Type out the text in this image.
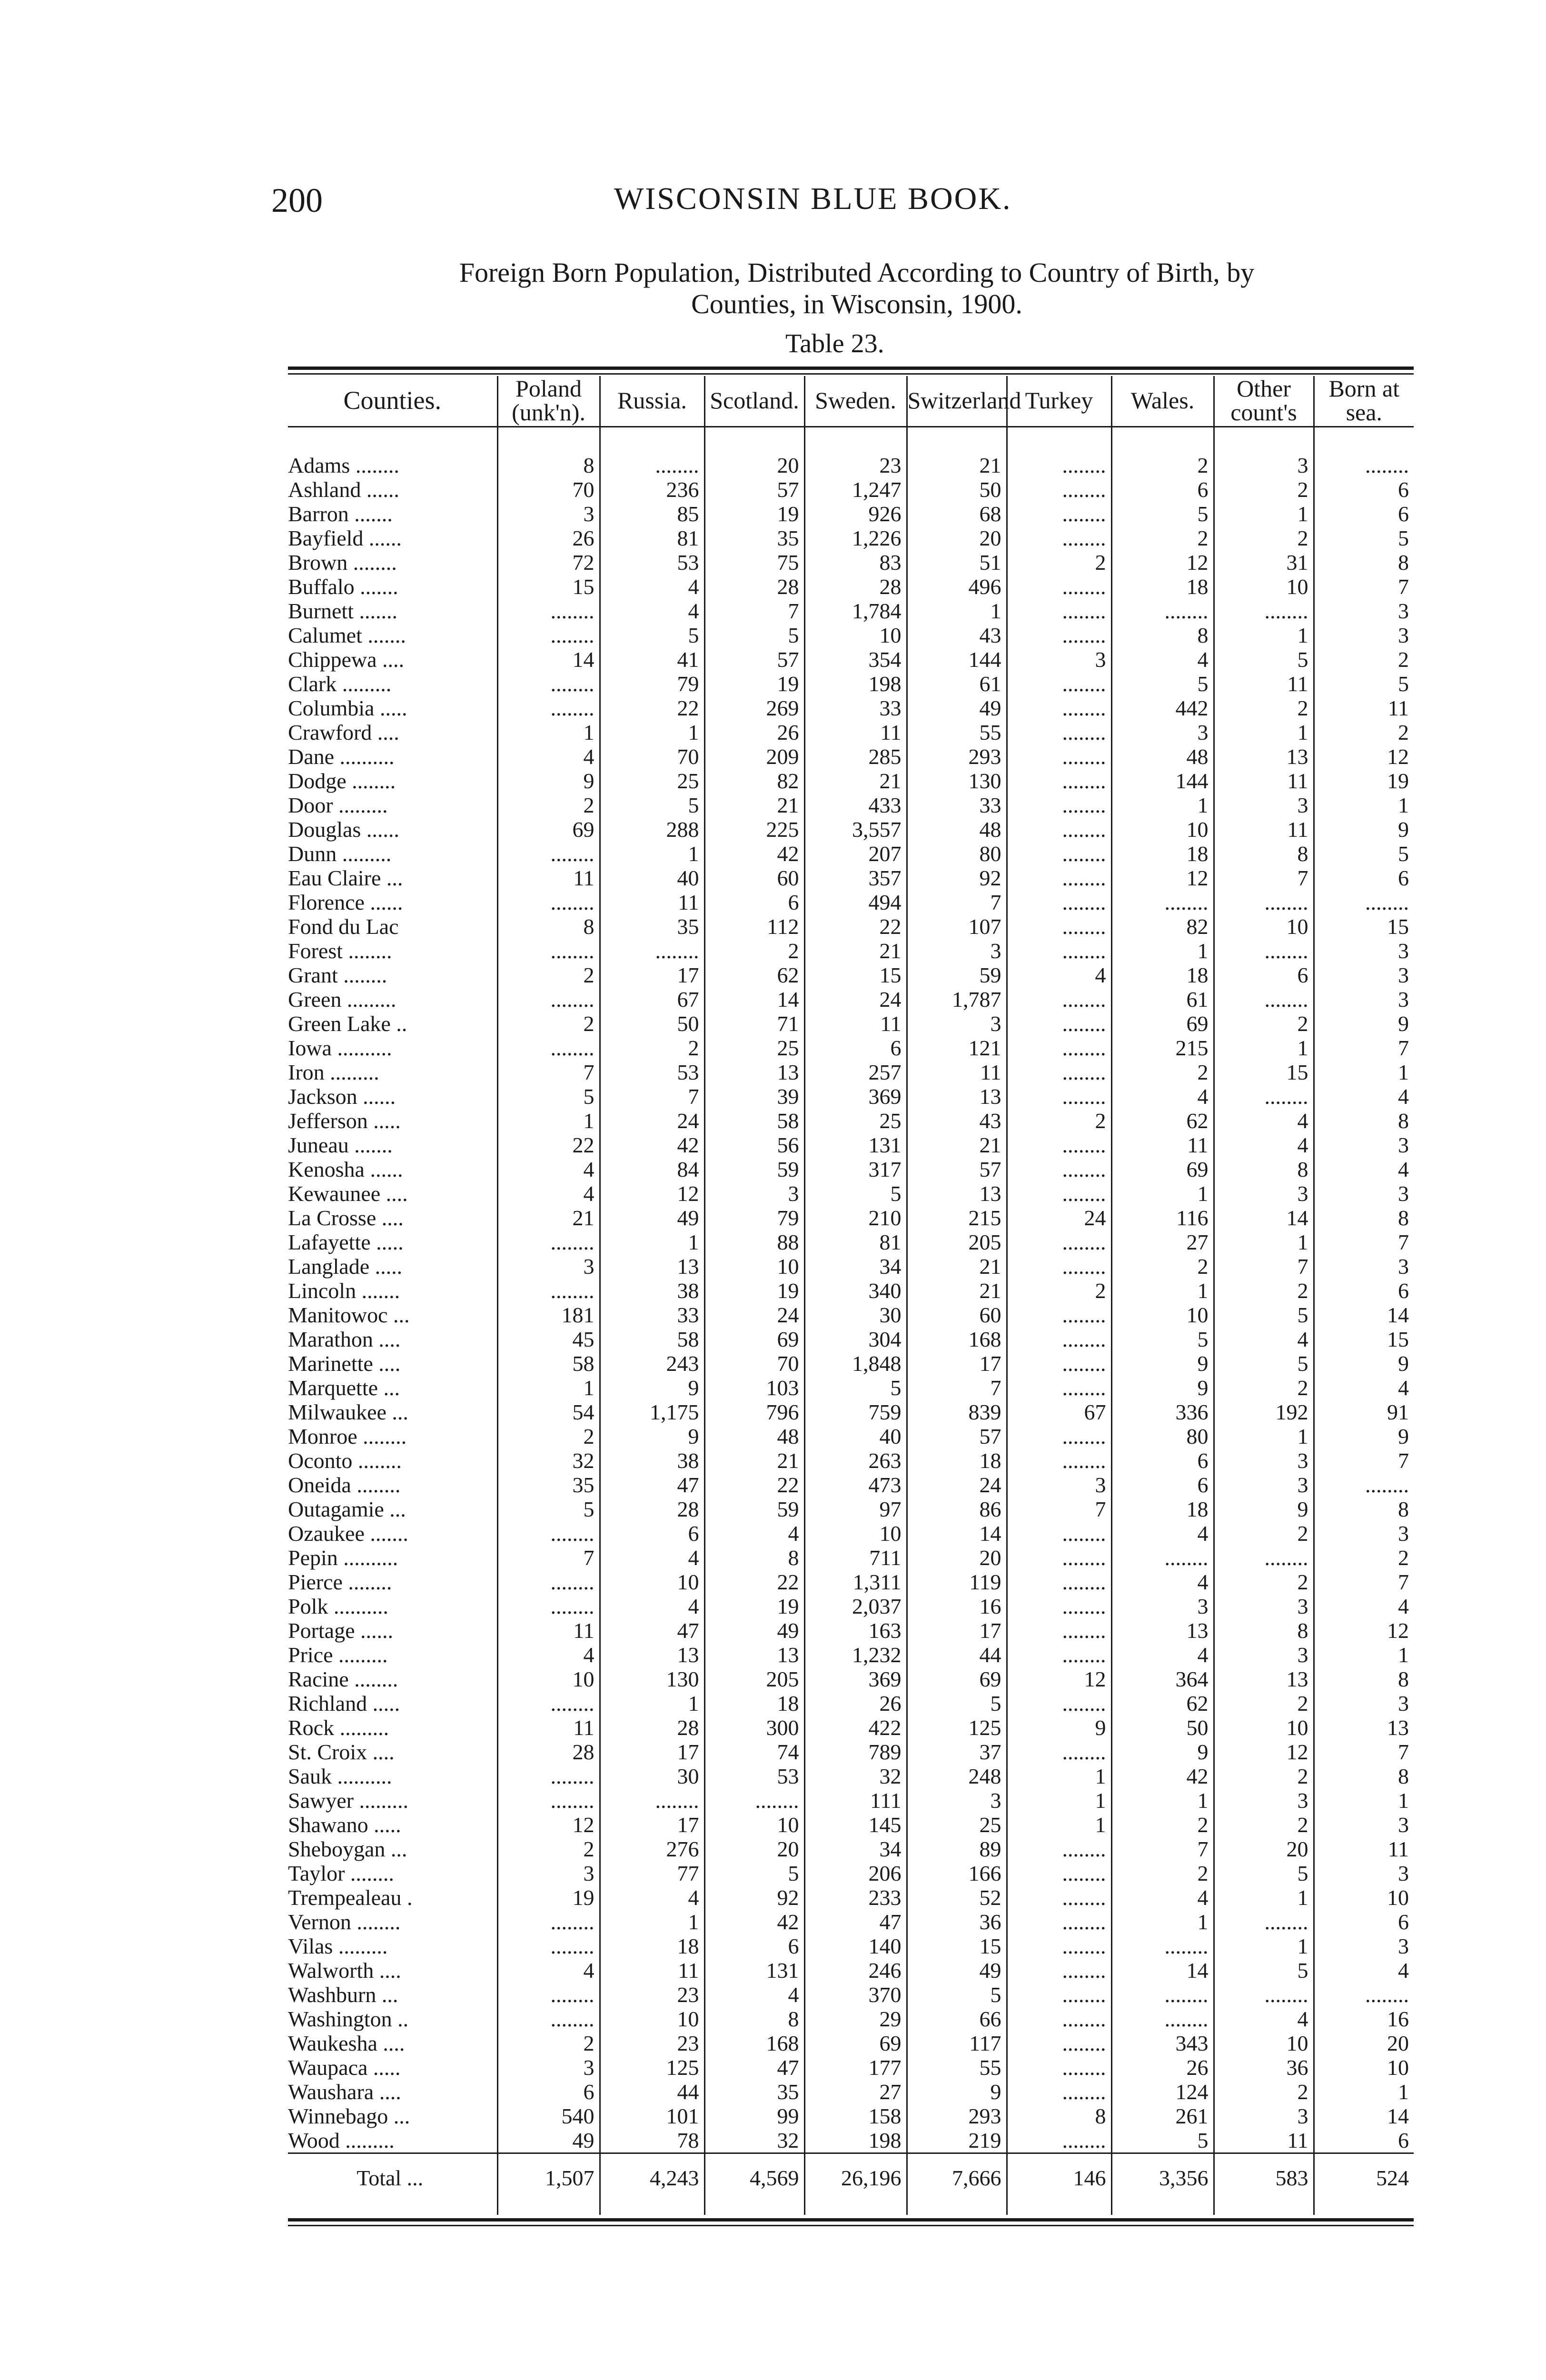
200	WISCONSIN BLUE BOOK.
Foreign Born Population, Distributed According to Country of Birth, by
Counties, in Wisconsin, 1900.
Table 23.
Counties.	Poland (unk'n).	Russia.	Scotland.	Sweden.	Switzerland	Turkey	Wales.	Other count's	Born at sea.

Adams ........	8	........	20	23	21	........	2	3	........
Ashland ......	70	236	57	1,247	50	........	6	2	6
Barron .......	3	85	19	926	68	........	5	1	6
Bayfield ......	26	81	35	1,226	20	........	2	2	5
Brown ........	72	53	75	83	51	2	12	31	8
Buffalo .......	15	4	28	28	496	........	18	10	7
Burnett .......	........	4	7	1,784	1	........	........	........	3
Calumet .......	........	5	5	10	43	........	8	1	3
Chippewa ....	14	41	57	354	144	3	4	5	2
Clark .........	........	79	19	198	61	........	5	11	5
Columbia .....	........	22	269	33	49	........	442	2	11
Crawford ....	1	1	26	11	55	........	3	1	2
Dane ..........	4	70	209	285	293	........	48	13	12
Dodge ........	9	25	82	21	130	........	144	11	19
Door .........	2	5	21	433	33	........	1	3	1
Douglas ......	69	288	225	3,557	48	........	10	11	9
Dunn .........	........	1	42	207	80	........	18	8	5
Eau Claire ...	11	40	60	357	92	........	12	7	6
Florence ......	........	11	6	494	7	........	........	........	........
Fond du Lac	8	35	112	22	107	........	82	10	15
Forest ........	........	........	2	21	3	........	1	........	3
Grant ........	2	17	62	15	59	4	18	6	3
Green .........	........	67	14	24	1,787	........	61	........	3
Green Lake ..	2	50	71	11	3	........	69	2	9
Iowa ..........	........	2	25	6	121	........	215	1	7
Iron .........	7	53	13	257	11	........	2	15	1
Jackson ......	5	7	39	369	13	........	4	........	4
Jefferson .....	1	24	58	25	43	2	62	4	8
Juneau .......	22	42	56	131	21	........	11	4	3
Kenosha ......	4	84	59	317	57	........	69	8	4
Kewaunee ....	4	12	3	5	13	........	1	3	3
La Crosse ....	21	49	79	210	215	24	116	14	8
Lafayette .....	........	1	88	81	205	........	27	1	7
Langlade .....	3	13	10	34	21	........	2	7	3
Lincoln .......	........	38	19	340	21	2	1	2	6
Manitowoc ...	181	33	24	30	60	........	10	5	14
Marathon ....	45	58	69	304	168	........	5	4	15
Marinette ....	58	243	70	1,848	17	........	9	5	9
Marquette ...	1	9	103	5	7	........	9	2	4
Milwaukee ...	54	1,175	796	759	839	67	336	192	91
Monroe ........	2	9	48	40	57	........	80	1	9
Oconto ........	32	38	21	263	18	........	6	3	7
Oneida ........	35	47	22	473	24	3	6	3	........
Outagamie ...	5	28	59	97	86	7	18	9	8
Ozaukee .......	........	6	4	10	14	........	4	2	3
Pepin ..........	7	4	8	711	20	........	........	........	2
Pierce ........	........	10	22	1,311	119	........	4	2	7
Polk ..........	........	4	19	2,037	16	........	3	3	4
Portage ......	11	47	49	163	17	........	13	8	12
Price .........	4	13	13	1,232	44	........	4	3	1
Racine ........	10	130	205	369	69	12	364	13	8
Richland .....	........	1	18	26	5	........	62	2	3
Rock .........	11	28	300	422	125	9	50	10	13
St. Croix ....	28	17	74	789	37	........	9	12	7
Sauk ..........	........	30	53	32	248	1	42	2	8
Sawyer .........	........	........	........	111	3	1	1	3	1
Shawano .....	12	17	10	145	25	1	2	2	3
Sheboygan ...	2	276	20	34	89	........	7	20	11
Taylor ........	3	77	5	206	166	........	2	5	3
Trempealeau .	19	4	92	233	52	........	4	1	10
Vernon ........	........	1	42	47	36	........	1	........	6
Vilas .........	........	18	6	140	15	........	........	1	3
Walworth ....	4	11	131	246	49	........	14	5	4
Washburn ...	........	23	4	370	5	........	........	........	........
Washington ..	........	10	8	29	66	........	........	4	16
Waukesha ....	2	23	168	69	117	........	343	10	20
Waupaca .....	3	125	47	177	55	........	26	36	10
Waushara ....	6	44	35	27	9	........	124	2	1
Winnebago ...	540	101	99	158	293	8	261	3	14
Wood .........	49	78	32	198	219	........	5	11	6
Total ...	1,507	4,243	4,569	26,196	7,666	146	3,356	583	524
